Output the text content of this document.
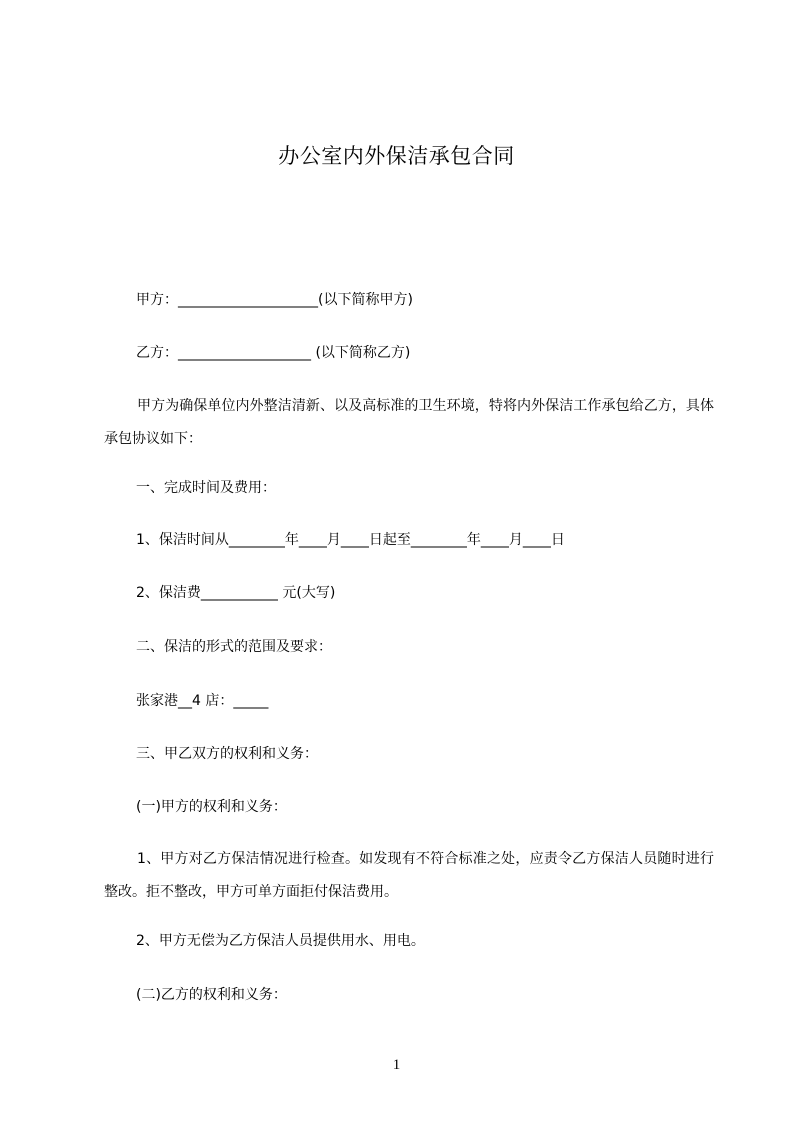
办公室内外保洁承包合同
甲方：____________________(以下简称甲方)
乙方：___________________ (以下简称乙方)
甲方为确保单位内外整洁清新、以及高标准的卫生环境，特将内外保洁工作承包给乙方，具体承包协议如下：
一、完成时间及费用：
1、保洁时间从________年____月____日起至________年____月____日
2、保洁费___________ 元(大写)
二、保洁的形式的范围及要求：
张家港__4 店：_____
三、甲乙双方的权利和义务：
(一)甲方的权利和义务：
1、甲方对乙方保洁情况进行检查。如发现有不符合标准之处，应责令乙方保洁人员随时进行整改。拒不整改，甲方可单方面拒付保洁费用。
2、甲方无偿为乙方保洁人员提供用水、用电。
(二)乙方的权利和义务：
1
